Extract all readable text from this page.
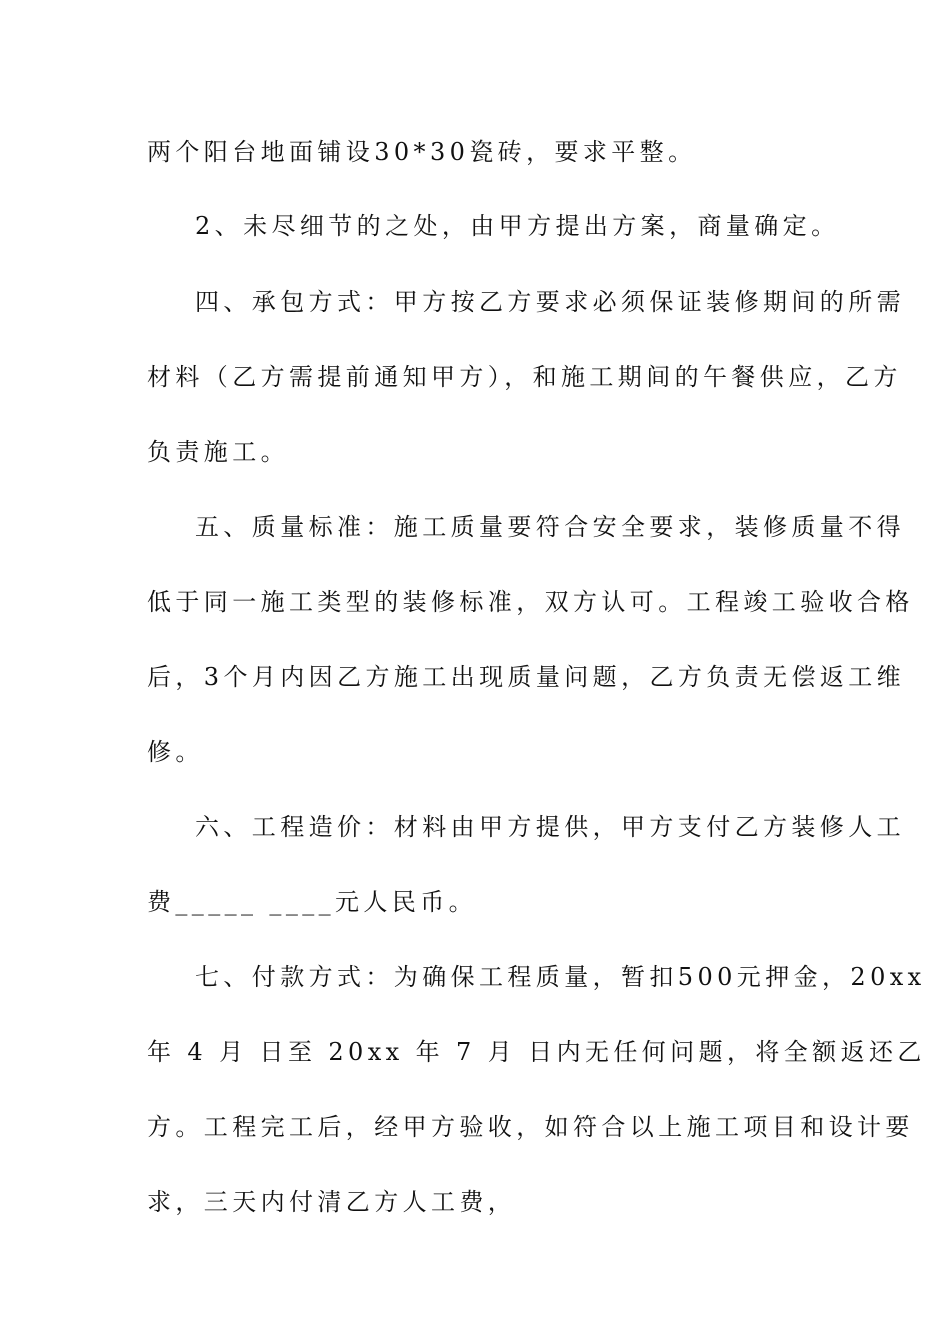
两个阳台地面铺设30*30瓷砖，要求平整。
2、未尽细节的之处，由甲方提出方案，商量确定。
四、承包方式：甲方按乙方要求必须保证装修期间的所需
材料（乙方需提前通知甲方），和施工期间的午餐供应，乙方
负责施工。
五、质量标准：施工质量要符合安全要求，装修质量不得
低于同一施工类型的装修标准，双方认可。工程竣工验收合格
后，3个月内因乙方施工出现质量问题，乙方负责无偿返工维
修。
六、工程造价：材料由甲方提供，甲方支付乙方装修人工
费_____ ____元人民币。
七、付款方式：为确保工程质量，暂扣500元押金，20xx
年 4 月 日至 20xx 年 7 月 日内无任何问题，将全额返还乙
方。工程完工后，经甲方验收，如符合以上施工项目和设计要
求，三天内付清乙方人工费，
